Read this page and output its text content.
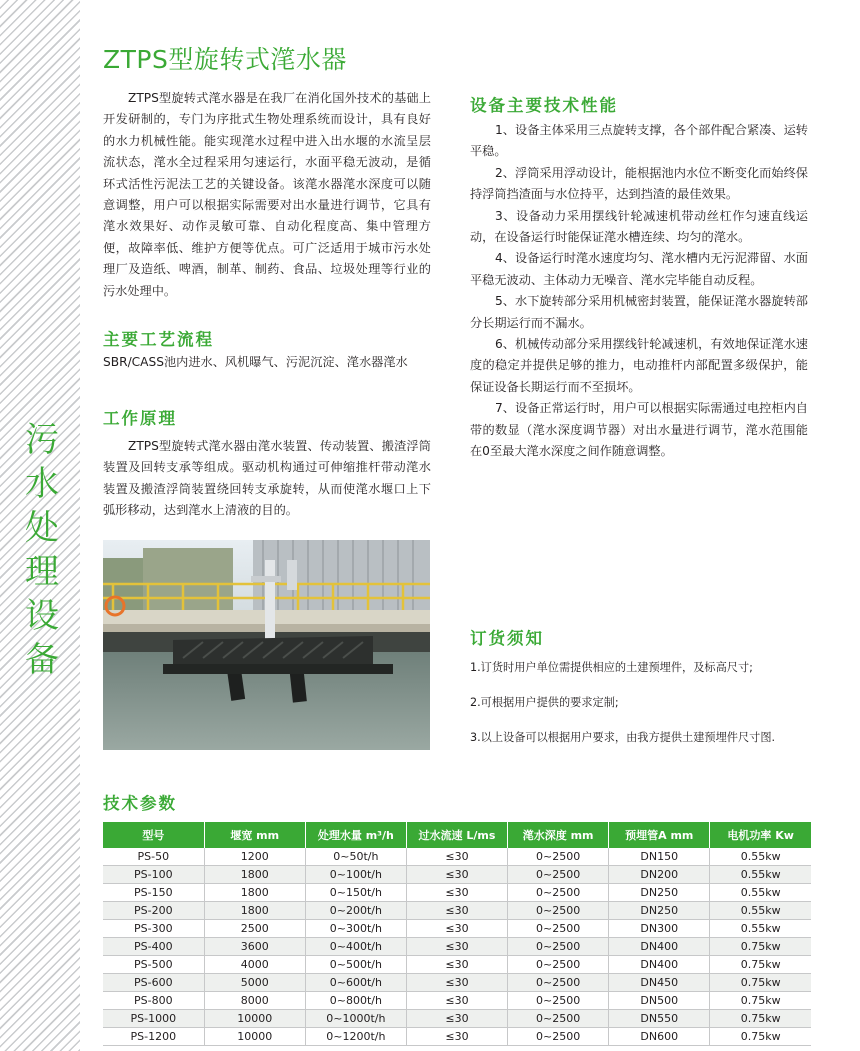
污
水
处
理
设
备
ZTPS型旋转式滗水器

ZTPS型旋转式滗水器是在我厂在消化国外技术的基础上开发研制的，专门为序批式生物处理系统而设计，具有良好的水力机械性能。能实现滗水过程中进入出水堰的水流呈层流状态，滗水全过程采用匀速运行，水面平稳无波动，是循环式活性污泥法工艺的关键设备。该滗水器滗水深度可以随意调整，用户可以根据实际需要对出水量进行调节，它具有滗水效果好、动作灵敏可靠、自动化程度高、集中管理方便，故障率低、维护方便等优点。可广泛适用于城市污水处理厂及造纸、啤酒，制革、制药、食品、垃圾处理等行业的污水处理中。

主要工艺流程
SBR/CASS池内进水、风机曝气、污泥沉淀、滗水器滗水
工作原理

ZTPS型旋转式滗水器由滗水装置、传动装置、搬渣浮筒装置及回转支承等组成。驱动机构通过可伸缩推杆带动滗水装置及搬渣浮筒装置绕回转支承旋转，从而使滗水堰口上下弧形移动，达到滗水上清液的目的。

设备主要技术性能

1、设备主体采用三点旋转支撑，各个部件配合紧凑、运转平稳。

2、浮筒采用浮动设计，能根据池内水位不断变化而始终保持浮筒挡渣面与水位持平，达到挡渣的最佳效果。

3、设备动力采用摆线针轮减速机带动丝杠作匀速直线运动，在设备运行时能保证滗水槽连续、均匀的滗水。

4、设备运行时滗水速度均匀、滗水槽内无污泥滞留、水面平稳无波动、主体动力无噪音、滗水完毕能自动反程。

5、水下旋转部分采用机械密封装置，能保证滗水器旋转部分长期运行而不漏水。

6、机械传动部分采用摆线针轮减速机，有效地保证滗水速度的稳定并提供足够的推力，电动推杆内部配置多级保护，能保证设备长期运行而不至损坏。

7、设备正常运行时，用户可以根据实际需通过电控柜内自带的数显（滗水深度调节器）对出水量进行调节，滗水范围能在0至最大滗水深度之间作随意调整。

订货须知

1.订货时用户单位需提供相应的土建预埋件，及标高尺寸;

2.可根据用户提供的要求定制;

3.以上设备可以根据用户要求，由我方提供土建预埋件尺寸图.

技术参数
型号	堰宽 mm	处理水量 m³/h	过水流速 L/ms	滗水深度 mm	预埋管A mm	电机功率 Kw
PS-50	1200	0~50t/h	≤30	0~2500	DN150	0.55kw
PS-100	1800	0~100t/h	≤30	0~2500	DN200	0.55kw
PS-150	1800	0~150t/h	≤30	0~2500	DN250	0.55kw
PS-200	1800	0~200t/h	≤30	0~2500	DN250	0.55kw
PS-300	2500	0~300t/h	≤30	0~2500	DN300	0.55kw
PS-400	3600	0~400t/h	≤30	0~2500	DN400	0.75kw
PS-500	4000	0~500t/h	≤30	0~2500	DN400	0.75kw
PS-600	5000	0~600t/h	≤30	0~2500	DN450	0.75kw
PS-800	8000	0~800t/h	≤30	0~2500	DN500	0.75kw
PS-1000	10000	0~1000t/h	≤30	0~2500	DN550	0.75kw
PS-1200	10000	0~1200t/h	≤30	0~2500	DN600	0.75kw
